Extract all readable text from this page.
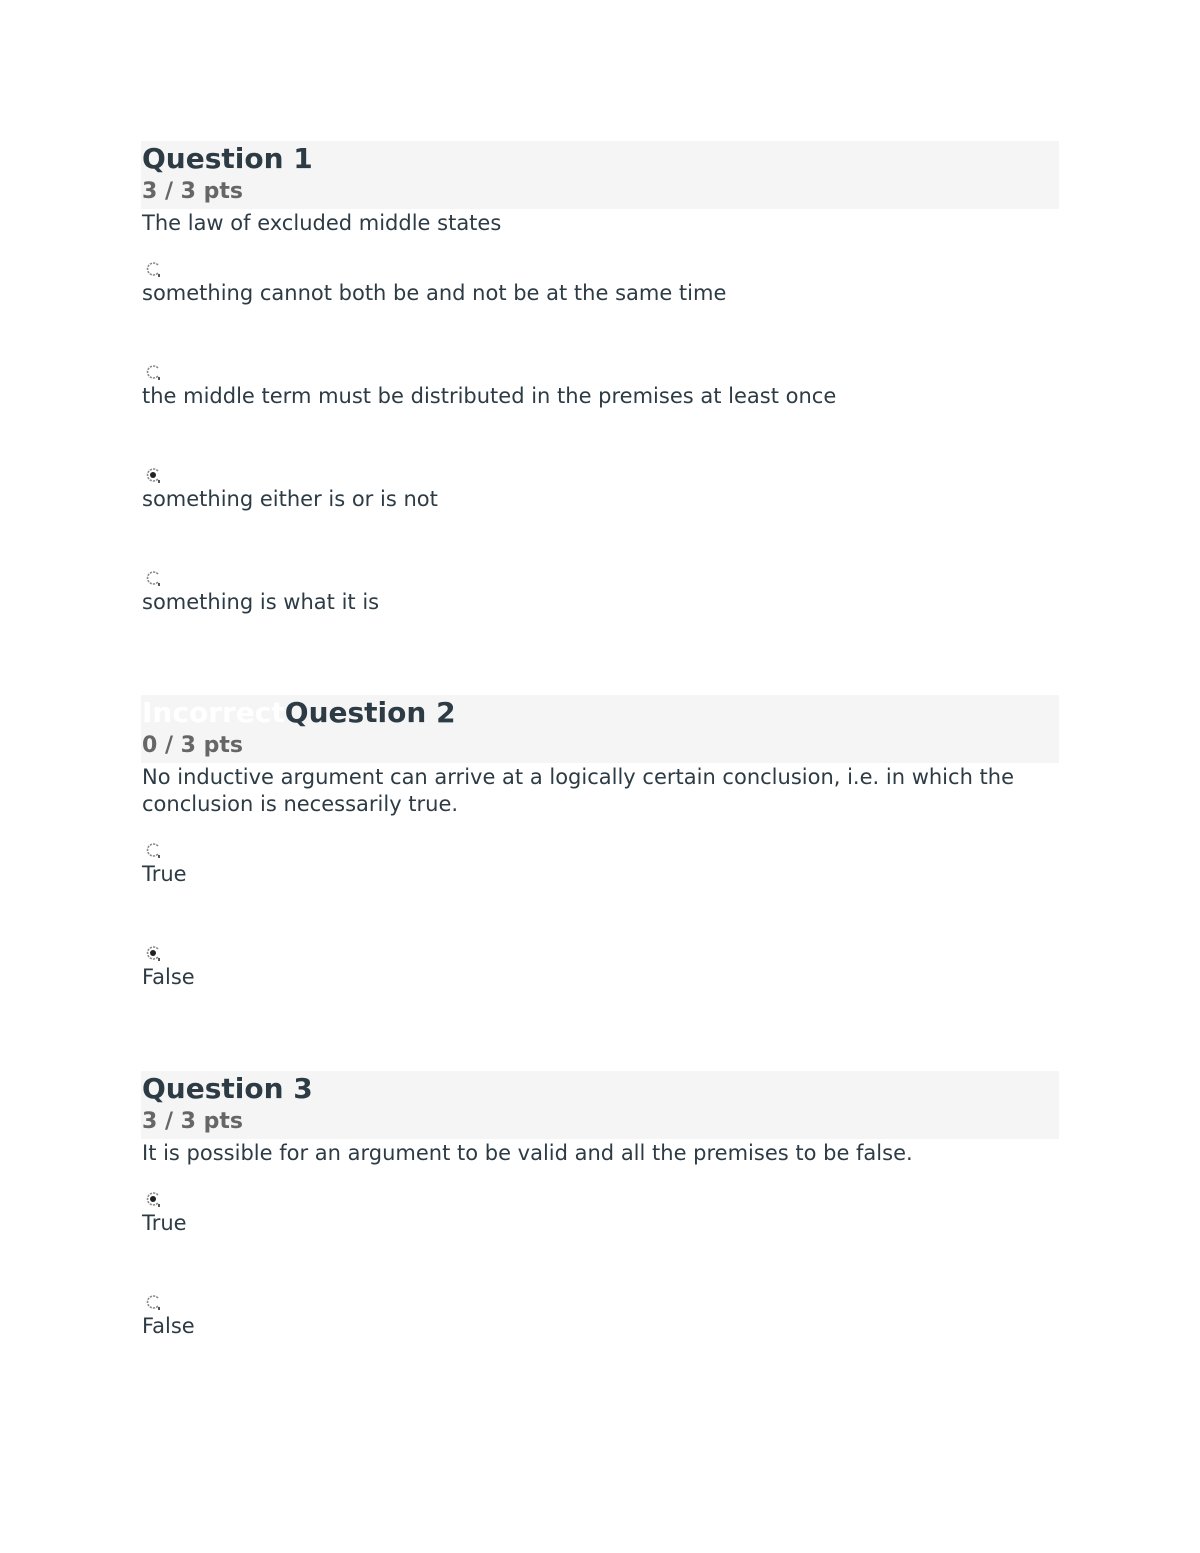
Question 1
3 / 3 pts

The law of excluded middle states

something cannot both be and not be at the same time
the middle term must be distributed in the premises at least once
something either is or is not
something is what it is
Incorrect Question 2
0 / 3 pts

No inductive argument can arrive at a logically certain conclusion, i.e. in which the conclusion is necessarily true.

True
False
Question 3
3 / 3 pts

It is possible for an argument to be valid and all the premises to be false.

True
False
